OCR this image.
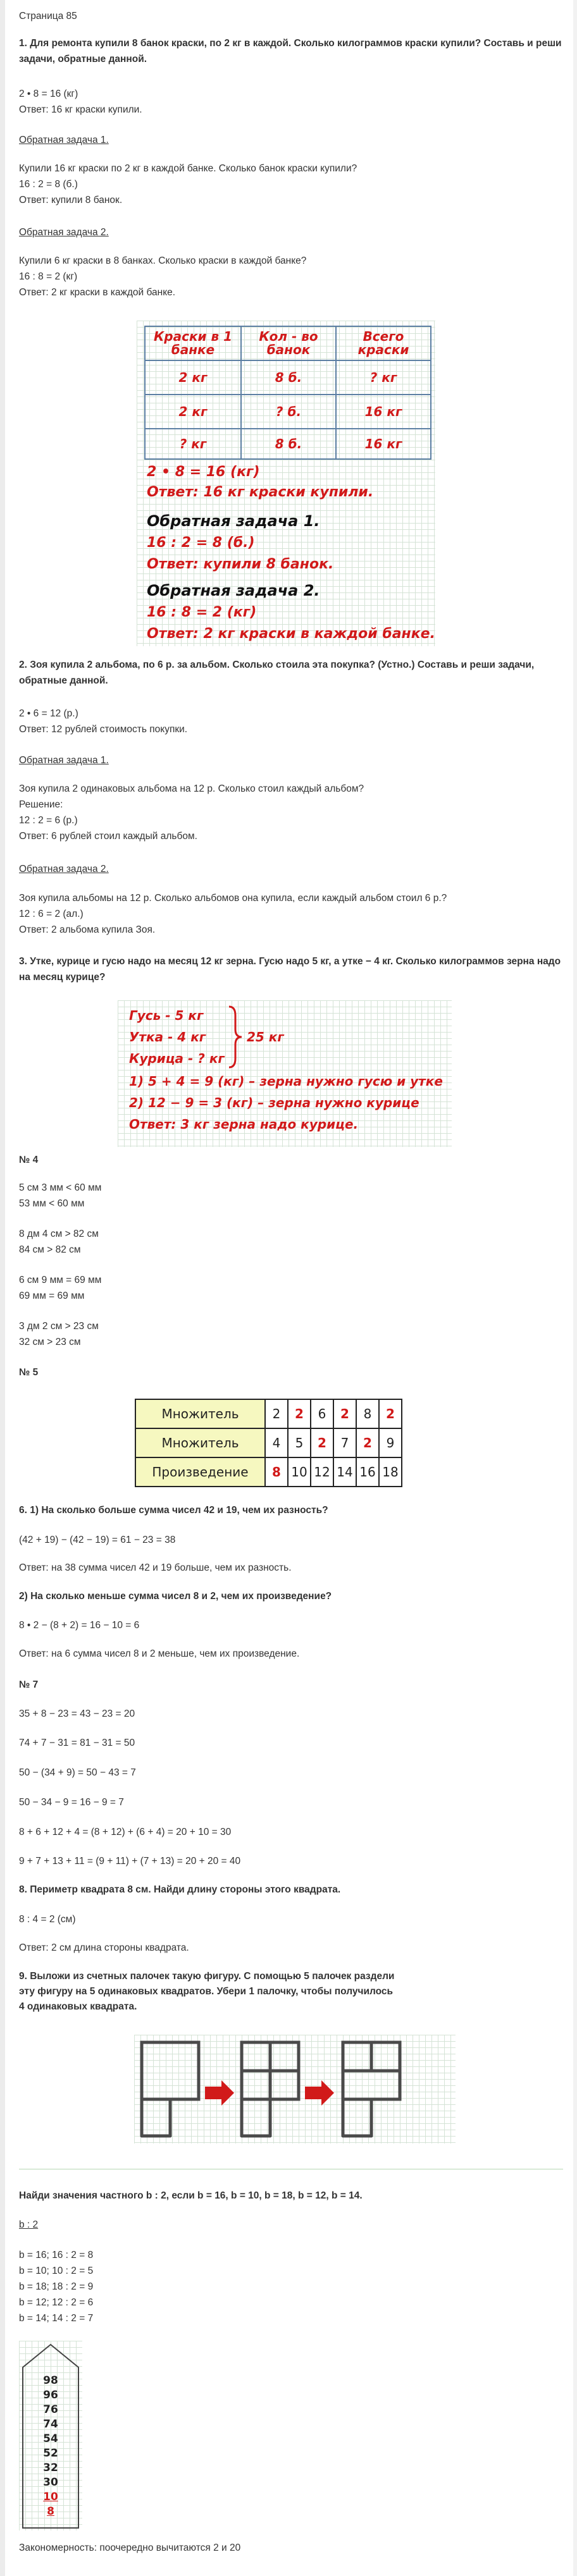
Страница 85
1. Для ремонта купили 8 банок краски, по 2 кг в каждой. Сколько килограммов краски купили? Составь и реши задачи, обратные данной.
2 • 8 = 16 (кг)
Ответ: 16 кг краски купили.
Обратная задача 1.
Купили 16 кг краски по 2 кг в каждой банке. Сколько банок краски купили?
16 : 2 = 8 (б.)
Ответ: купили 8 банок.
Обратная задача 2.
Купили 6 кг краски в 8 банках. Сколько краски в каждой банке?
16 : 8 = 2 (кг)
Ответ: 2 кг краски в каждой банке.
Краски в 1 банке	Кол - во банок	Всего краски
2 кг	8 б.	? кг
2 кг	? б.	16 кг
? кг	8 б.	16 кг
2 • 8 = 16 (кг)
Ответ: 16 кг краски купили.
Обратная задача 1.
16 : 2 = 8 (б.)
Ответ: купили 8 банок.
Обратная задача 2.
16 : 8 = 2 (кг)
Ответ: 2 кг краски в каждой банке.
2. Зоя купила 2 альбома, по 6 р. за альбом. Сколько стоила эта покупка? (Устно.) Составь и реши задачи, обратные данной.
2 • 6 = 12 (р.)
Ответ: 12 рублей стоимость покупки.
Обратная задача 1.
Зоя купила 2 одинаковых альбома на 12 р. Сколько стоил каждый альбом?
Решение:
12 : 2 = 6 (р.)
Ответ: 6 рублей стоил каждый альбом.
Обратная задача 2.
Зоя купила альбомы на 12 р. Сколько альбомов она купила, если каждый альбом стоил 6 р.?
12 : 6 = 2 (ал.)
Ответ: 2 альбома купила Зоя.
3. Утке, курице и гусю надо на месяц 12 кг зерна. Гусю надо 5 кг, а утке − 4 кг. Сколько килограммов зерна надо на месяц курице?
Гусь - 5 кг
Утка - 4 кг
Курица - ? кг
25 кг
1) 5 + 4 = 9 (кг) – зерна нужно гусю и утке
2) 12 − 9 = 3 (кг) – зерна нужно курице
Ответ: 3 кг зерна надо курице.
№ 4
5 см 3 мм < 60 мм
53 мм < 60 мм
8 дм 4 см > 82 см
84 см > 82 см
6 см 9 мм = 69 мм
69 мм = 69 мм
3 дм 2 см > 23 см
32 см > 23 см
№ 5
Множитель	2	2	6	2	8	2
Множитель	4	5	2	7	2	9
Произведение	8	10	12	14	16	18
6. 1) На сколько больше сумма чисел 42 и 19, чем их разность?
(42 + 19) − (42 − 19) = 61 − 23 = 38
Ответ: на 38 сумма чисел 42 и 19 больше, чем их разность.
2) На сколько меньше сумма чисел 8 и 2, чем их произведение?
8 • 2 − (8 + 2) = 16 − 10 = 6
Ответ: на 6 сумма чисел 8 и 2 меньше, чем их произведение.
№ 7
35 + 8 − 23 = 43 − 23 = 20
74 + 7 − 31 = 81 − 31 = 50
50 − (34 + 9) = 50 − 43 = 7
50 − 34 − 9 = 16 − 9 = 7
8 + 6 + 12 + 4 = (8 + 12) + (6 + 4) = 20 + 10 = 30
9 + 7 + 13 + 11 = (9 + 11) + (7 + 13) = 20 + 20 = 40
8. Периметр квадрата 8 см. Найди длину стороны этого квадрата.
8 : 4 = 2 (см)
Ответ: 2 см длина стороны квадрата.
9. Выложи из счетных палочек такую фигуру. С помощью 5 палочек раздели эту фигуру на 5 одинаковых квадратов. Убери 1 палочку, чтобы получилось 4 одинаковых квадрата.
Найди значения частного b : 2, если b = 16, b = 10, b = 18, b = 12, b = 14.
b : 2
b = 16; 16 : 2 = 8
b = 10; 10 : 2 = 5
b = 18; 18 : 2 = 9
b = 12; 12 : 2 = 6
b = 14; 14 : 2 = 7
98
96
76
74
54
52
32
30
10
8
Закономерность: поочередно вычитаются 2 и 20
